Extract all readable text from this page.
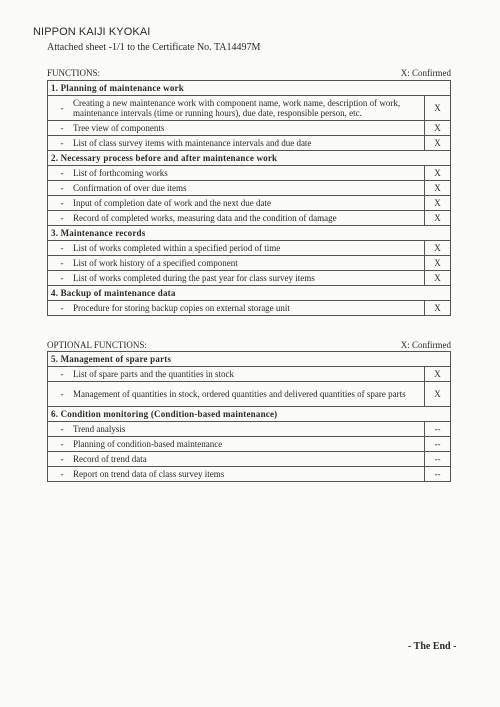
NIPPON KAIJI KYOKAI
Attached sheet -1/1 to the Certificate No. TA14497M
FUNCTIONS:	X: Confirmed
1. Planning of maintenance work	

- Creating a new maintenance work with component name, work name, description of work, maintenance intervals (time or running hours), due date, responsible person, etc.	X

- Tree view of components	X

- List of class survey items with maintenance intervals and due date	X
2. Necessary process before and after maintenance work	

- List of forthcoming works	X

- Confirmation of over due items	X

- Input of completion date of work and the next due date	X

- Record of completed works, measuring data and the condition of damage	X
3. Maintenance records	

- List of works completed within a specified period of time	X

- List of work history of a specified component	X

- List of works completed during the past year for class survey items	X
4. Backup of maintenance data	

- Procedure for storing backup copies on external storage unit	X
OPTIONAL FUNCTIONS:	X: Confirmed
5. Management of spare parts	

- List of spare parts and the quantities in stock	X

- Management of quantities in stock, ordered quantities and delivered quantities of spare parts	X
6. Condition monitoring (Condition-based maintenance)	

- Trend analysis	--

- Planning of condition-based maintenance	--

- Record of trend data	--

- Report on trend data of class survey items	--
- The End -
